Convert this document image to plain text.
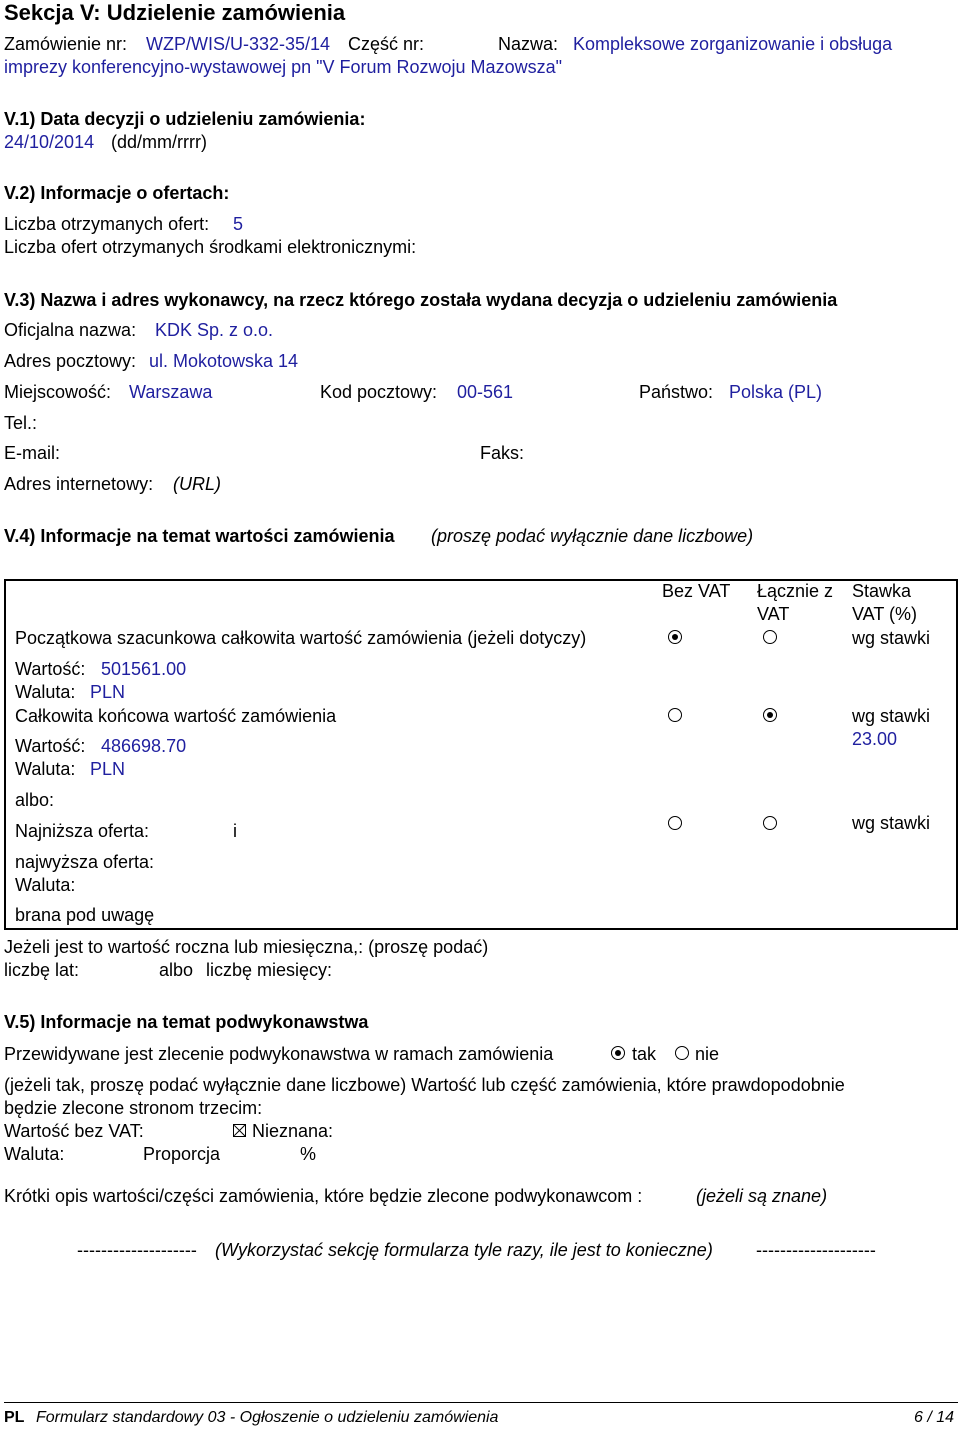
Sekcja V: Udzielenie zamówienia
Zamówienie nr: WZP/WIS/U-332-35/14 Część nr:	Nazwa: Kompleksowe zorganizowanie i obsługa
imprezy konferencyjno-wystawowej pn "V Forum Rozwoju Mazowsza"
V.1) Data decyzji o udzieleniu zamówienia:
24/10/2014 (dd/mm/rrrr)
V.2) Informacje o ofertach:
Liczba otrzymanych ofert: 5
Liczba ofert otrzymanych środkami elektronicznymi:
V.3) Nazwa i adres wykonawcy, na rzecz którego została wydana decyzja o udzieleniu zamówienia
Oficjalna nazwa: KDK Sp. z o.o.
Adres pocztowy: ul. Mokotowska 14
Miejscowość: Warszawa	Kod pocztowy: 00-561	Państwo: Polska (PL)
Tel.:
E-mail:	Faks:
Adres internetowy: (URL)
V.4) Informacje na temat wartości zamówienia (proszę podać wyłącznie dane liczbowe)
Bez VAT Łącznie z
VAT
Stawka
VAT (%)
Początkowa szacunkowa całkowita wartość zamówienia (jeżeli dotyczy)	wg stawki
Wartość: 501561.00
Waluta: PLN
Całkowita końcowa wartość zamówienia	wg stawki
23.00
Wartość: 486698.70
Waluta: PLN
albo:
Najniższa oferta:	i	wg stawki
najwyższa oferta:
Waluta:
brana pod uwagę
Jeżeli jest to wartość roczna lub miesięczna,: (proszę podać)
liczbę lat:	albo liczbę miesięcy:
V.5) Informacje na temat podwykonawstwa
Przewidywane jest zlecenie podwykonawstwa w ramach zamówienia	tak nie
(jeżeli tak, proszę podać wyłącznie dane liczbowe) Wartość lub część zamówienia, które prawdopodobnie
będzie zlecone stronom trzecim:
Wartość bez VAT:	Nieznana:
Waluta:	Proporcja	%
Krótki opis wartości/części zamówienia, które będzie zlecone podwykonawcom :	(jeżeli są znane)
-------------------- (Wykorzystać sekcję formularza tyle razy, ile jest to konieczne) --------------------
PL Formularz standardowy 03 - Ogłoszenie o udzieleniu zamówienia	6 / 14
